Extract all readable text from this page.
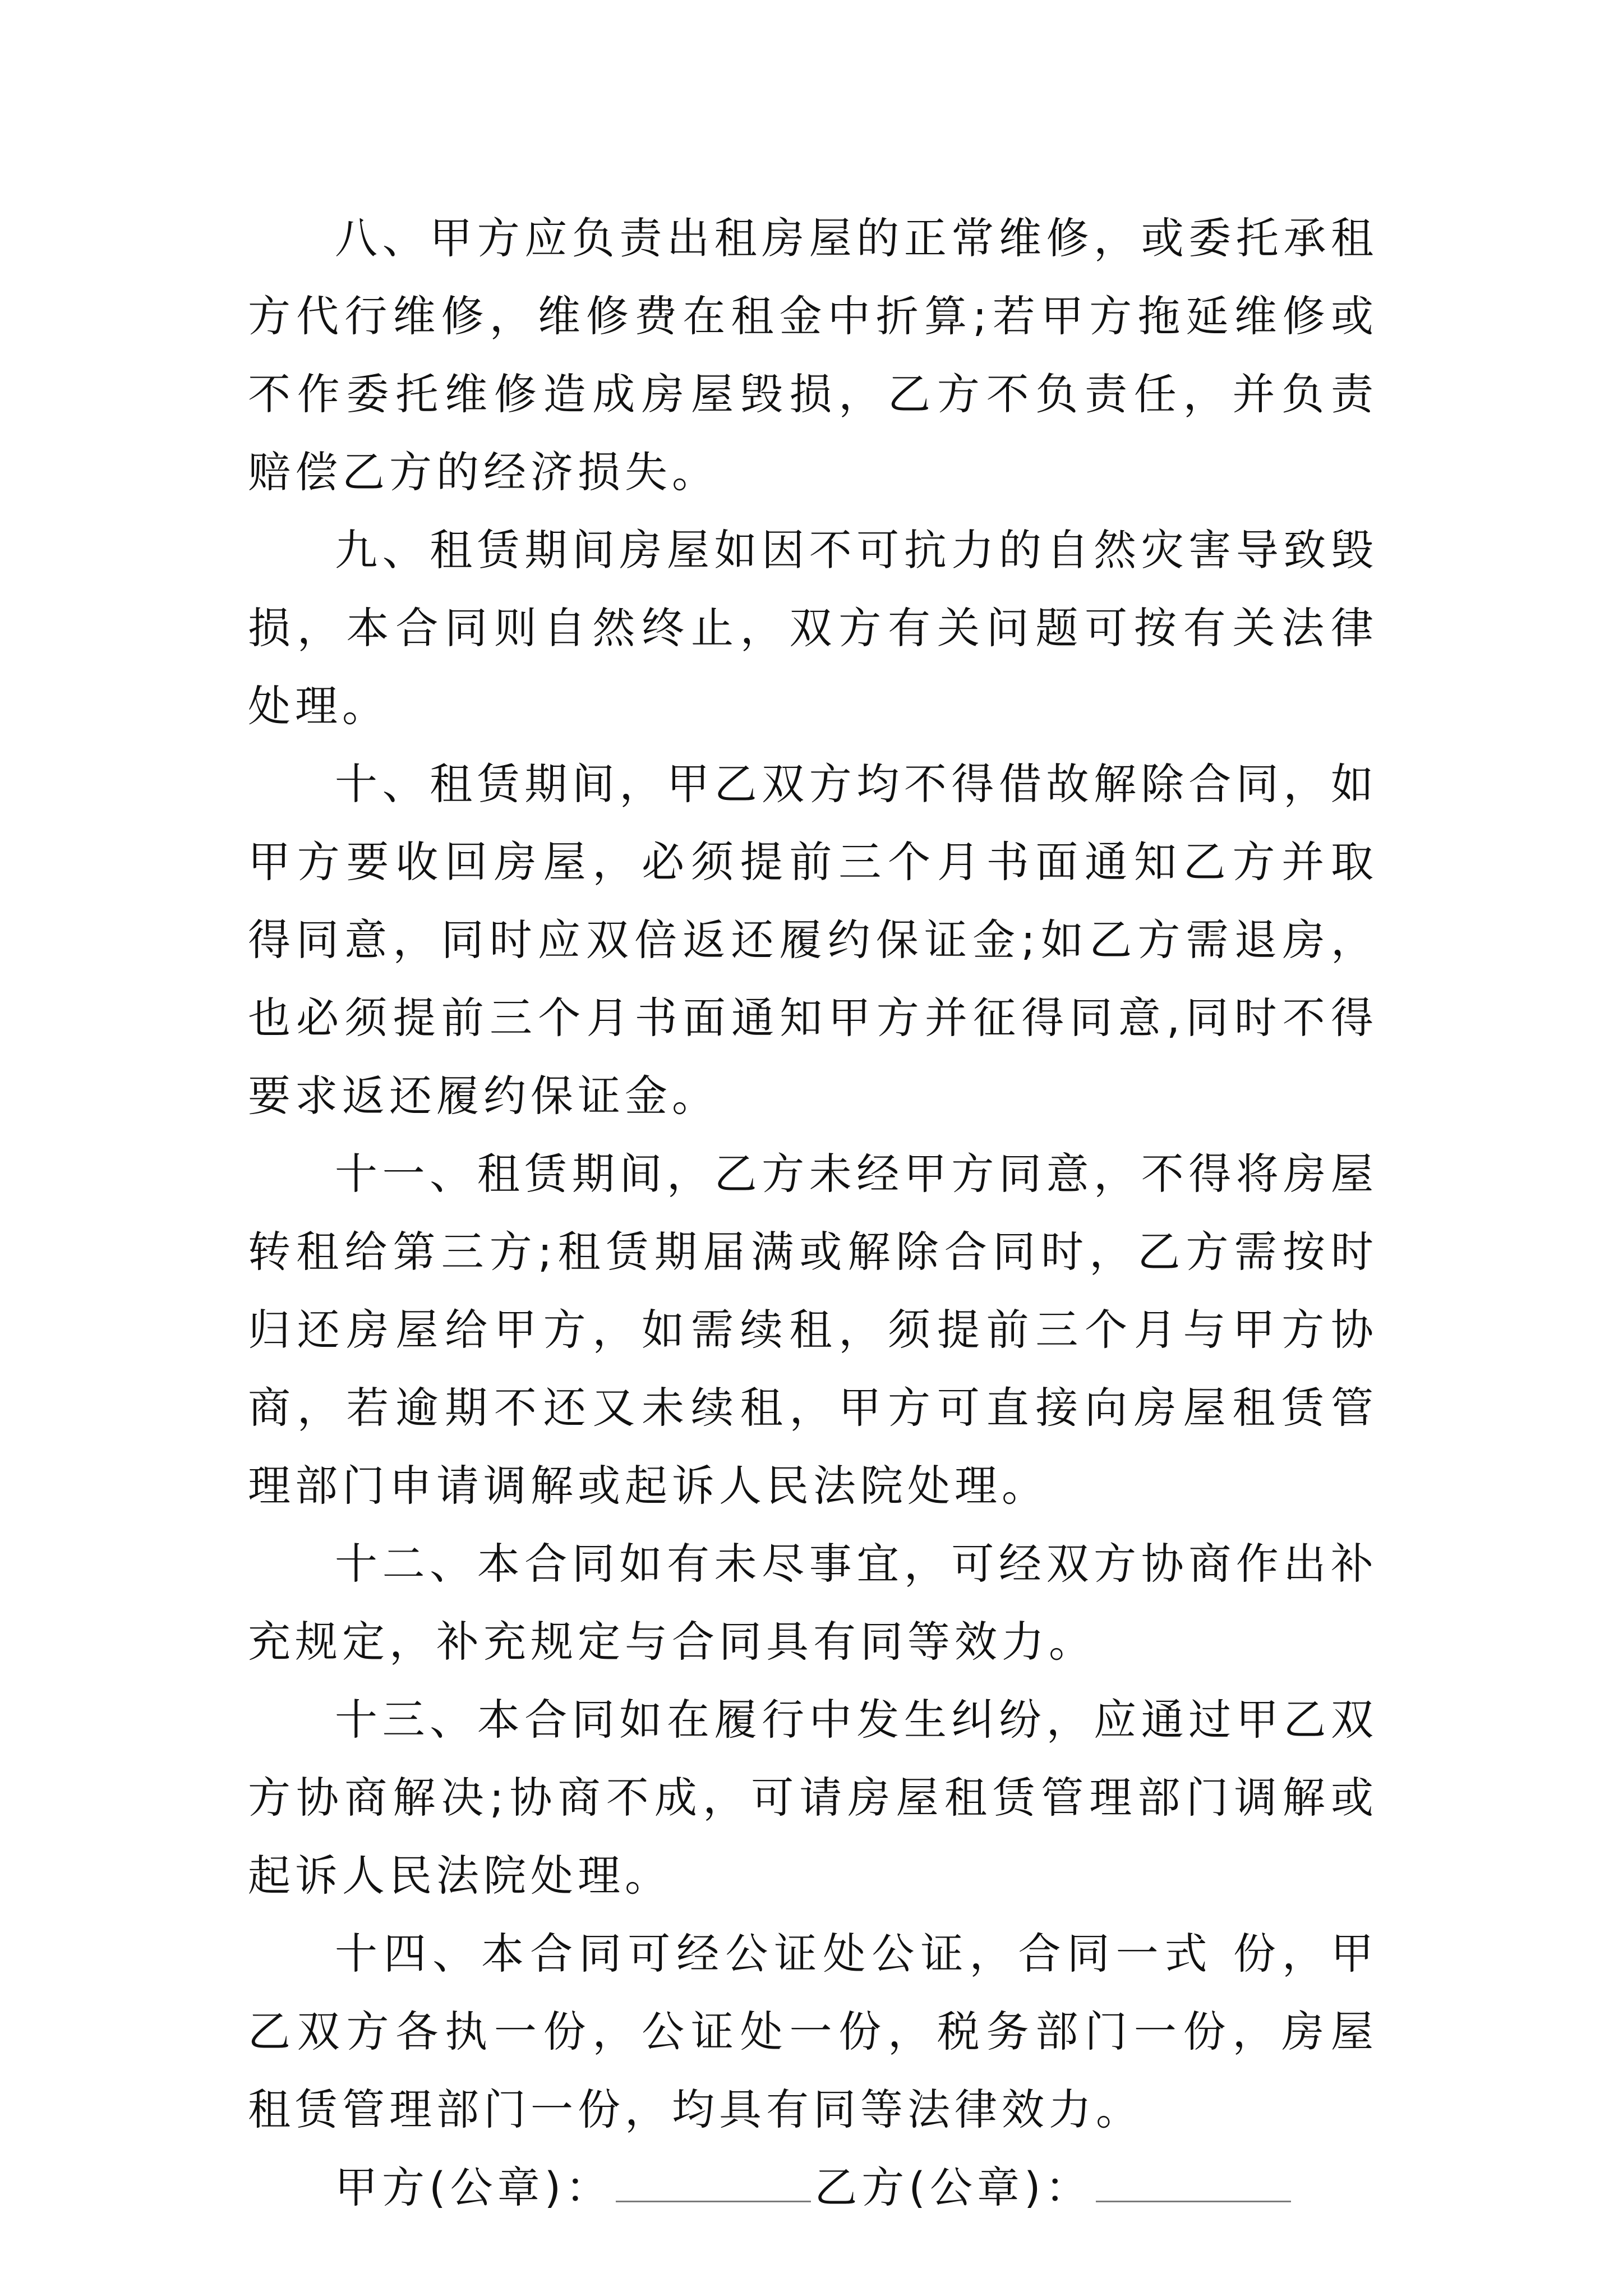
八、甲方应负责出租房屋的正常维修，或委托承租方代行维修，维修费在租金中折算;若甲方拖延维修或不作委托维修造成房屋毁损，乙方不负责任，并负责赔偿乙方的经济损失。

九、租赁期间房屋如因不可抗力的自然灾害导致毁损，本合同则自然终止，双方有关问题可按有关法律处理。

十、租赁期间，甲乙双方均不得借故解除合同，如甲方要收回房屋，必须提前三个月书面通知乙方并取得同意，同时应双倍返还履约保证金;如乙方需退房，也必须提前三个月书面通知甲方并征得同意,同时不得要求返还履约保证金。

十一、租赁期间，乙方未经甲方同意，不得将房屋转租给第三方;租赁期届满或解除合同时，乙方需按时归还房屋给甲方，如需续租，须提前三个月与甲方协商，若逾期不还又未续租，甲方可直接向房屋租赁管理部门申请调解或起诉人民法院处理。

十二、本合同如有未尽事宜，可经双方协商作出补充规定，补充规定与合同具有同等效力。

十三、本合同如在履行中发生纠纷，应通过甲乙双方协商解决;协商不成，可请房屋租赁管理部门调解或起诉人民法院处理。

十四、本合同可经公证处公证，合同一式 份，甲乙双方各执一份，公证处一份，税务部门一份，房屋租赁管理部门一份，均具有同等法律效力。

甲方(公章)：	乙方(公章)：
